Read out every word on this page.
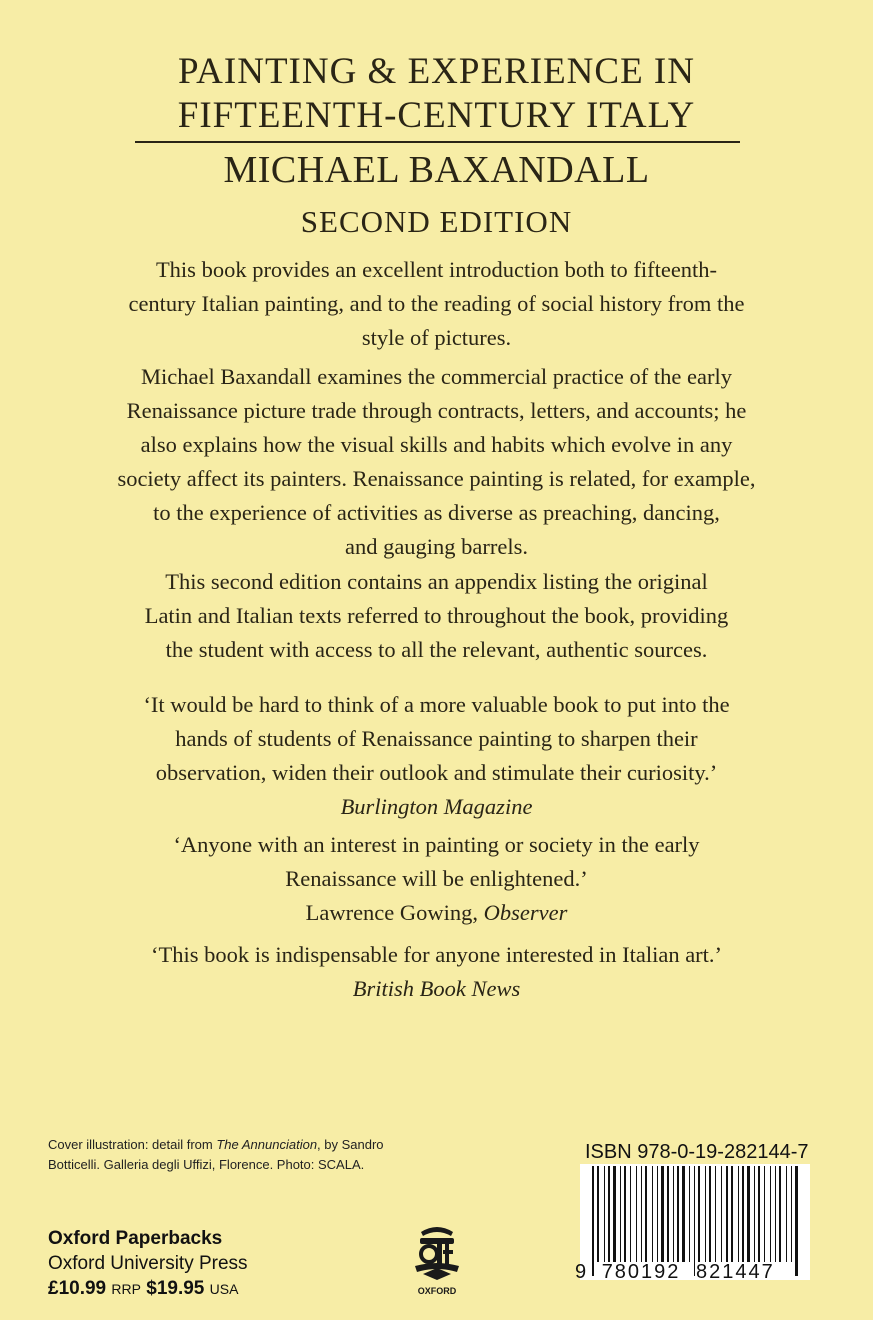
PAINTING & EXPERIENCE IN
FIFTEENTH-CENTURY ITALY
MICHAEL BAXANDALL
SECOND EDITION
This book provides an excellent introduction both to fifteenth-
century Italian painting, and to the reading of social history from the
style of pictures.
Michael Baxandall examines the commercial practice of the early
Renaissance picture trade through contracts, letters, and accounts; he
also explains how the visual skills and habits which evolve in any
society affect its painters. Renaissance painting is related, for example,
to the experience of activities as diverse as preaching, dancing,
and gauging barrels.
This second edition contains an appendix listing the original
Latin and Italian texts referred to throughout the book, providing
the student with access to all the relevant, authentic sources.
‘It would be hard to think of a more valuable book to put into the
hands of students of Renaissance painting to sharpen their
observation, widen their outlook and stimulate their curiosity.’
Burlington Magazine
‘Anyone with an interest in painting or society in the early
Renaissance will be enlightened.’
Lawrence Gowing, Observer
‘This book is indispensable for anyone interested in Italian art.’
British Book News
Cover illustration: detail from The Annunciation, by Sandro
Botticelli. Galleria degli Uffizi, Florence. Photo: SCALA.
Oxford Paperbacks
Oxford University Press
£10.99 RRP $19.95 USA	OXFORD
ISBN 978-0-19-282144-7
9 780192 821447
